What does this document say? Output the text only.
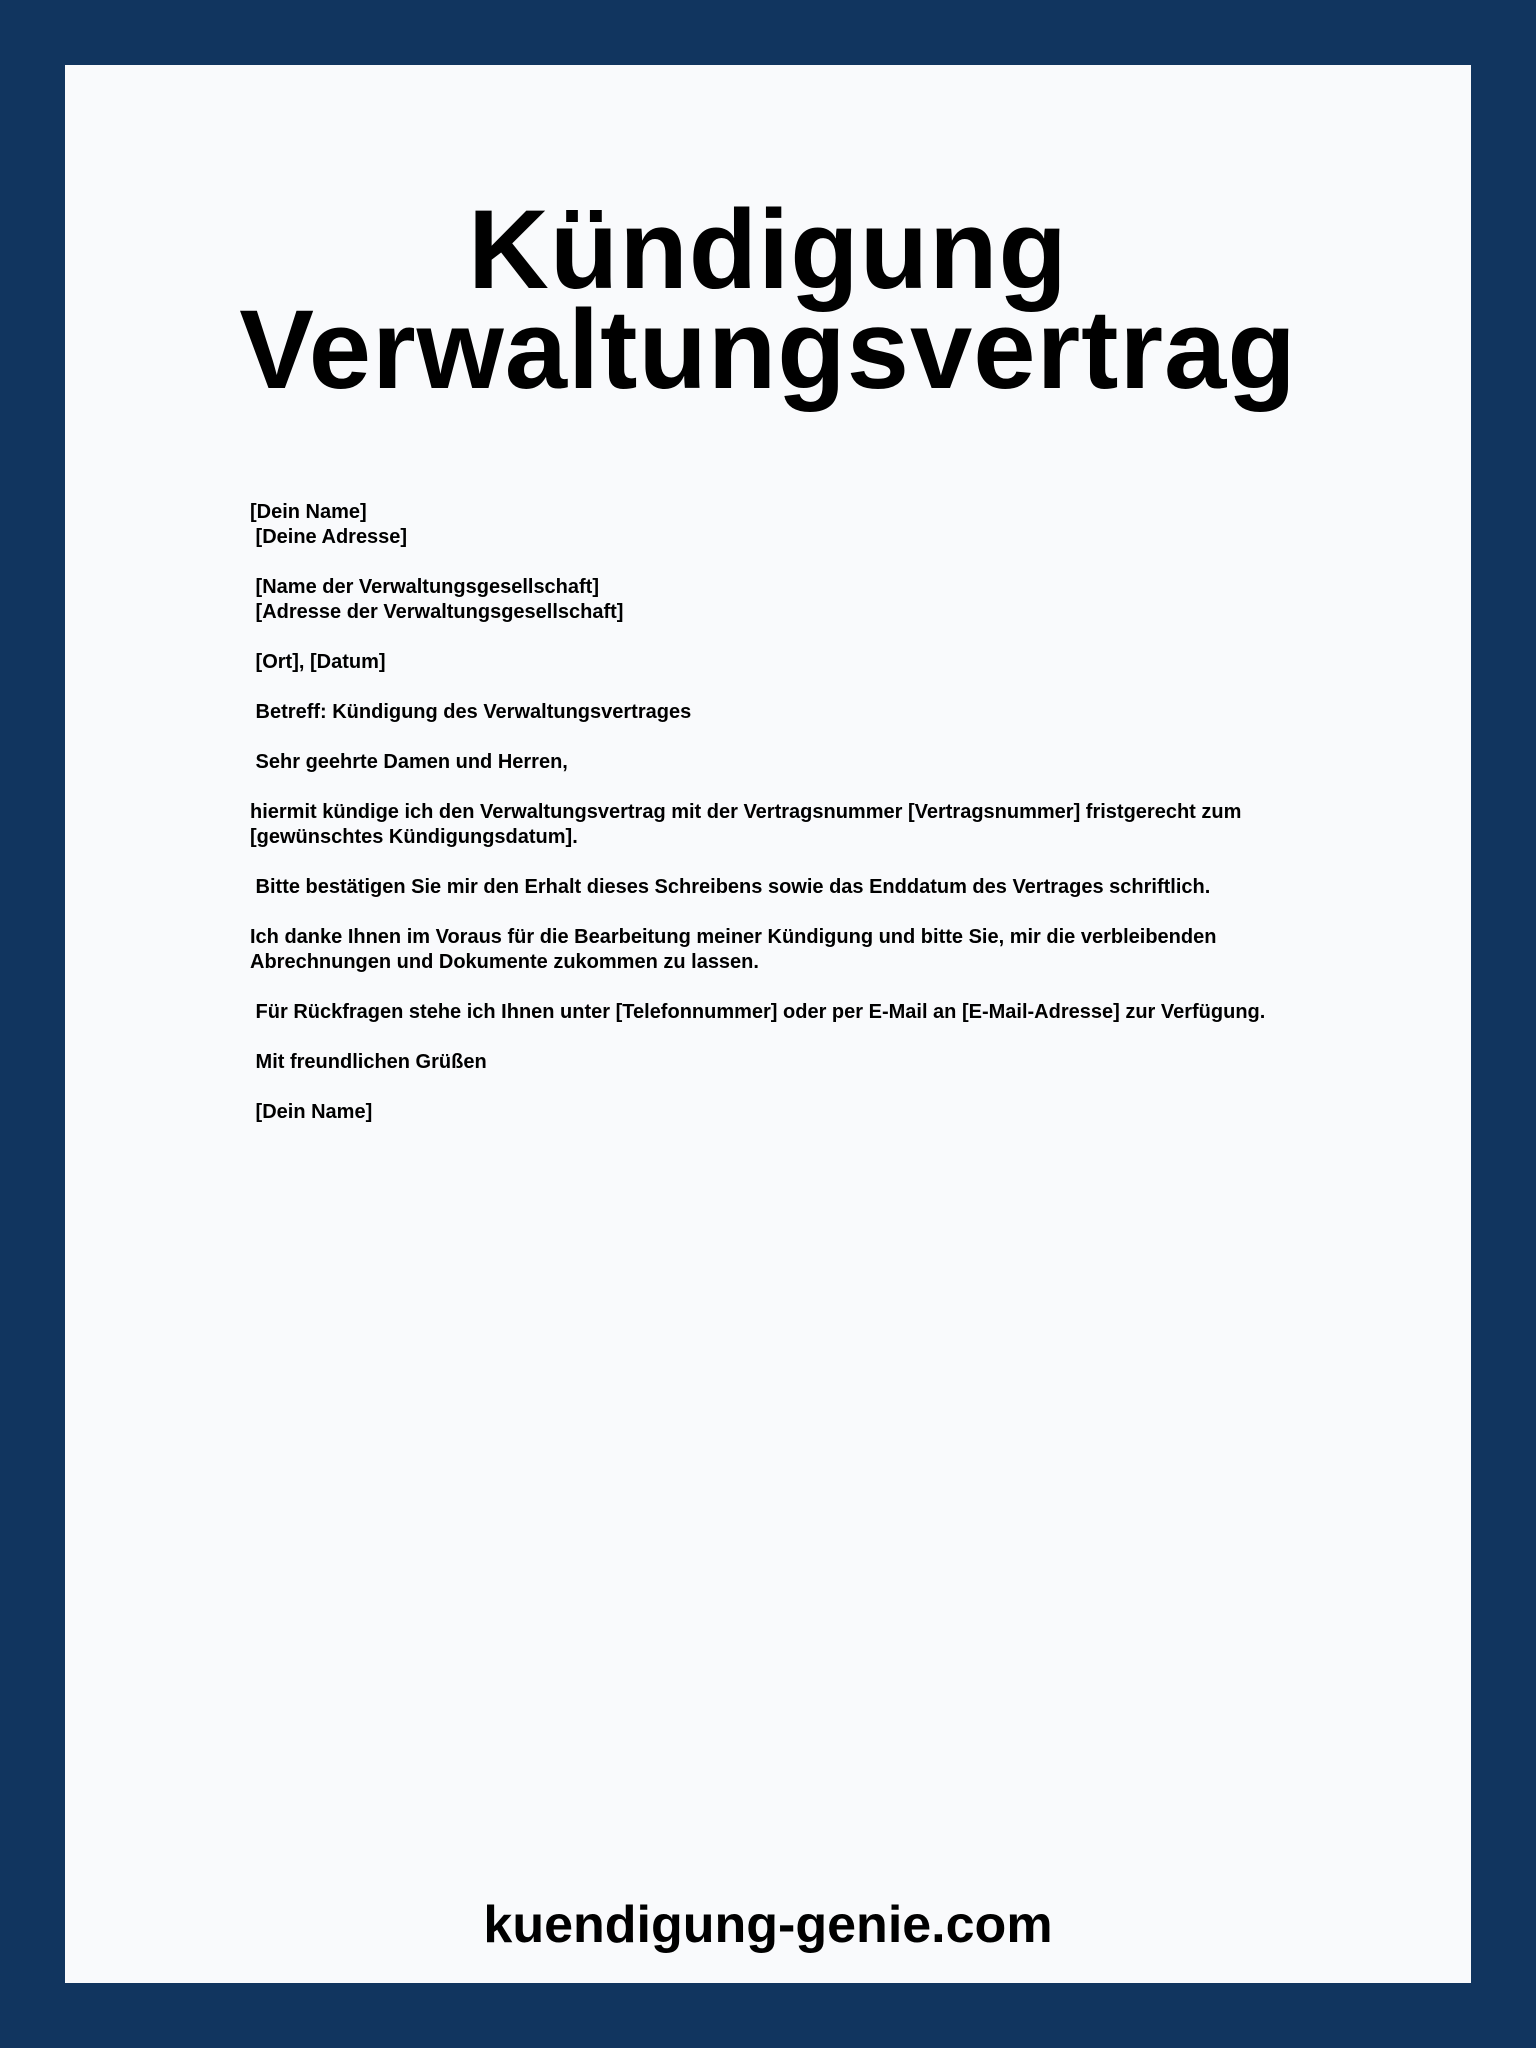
Kündigung
Verwaltungsvertrag
[Dein Name]
[Deine Adresse]
[Name der Verwaltungsgesellschaft]
[Adresse der Verwaltungsgesellschaft]
[Ort], [Datum]
Betreff: Kündigung des Verwaltungsvertrages
Sehr geehrte Damen und Herren,
hiermit kündige ich den Verwaltungsvertrag mit der Vertragsnummer [Vertragsnummer] fristgerecht zum
[gewünschtes Kündigungsdatum].
Bitte bestätigen Sie mir den Erhalt dieses Schreibens sowie das Enddatum des Vertrages schriftlich.
Ich danke Ihnen im Voraus für die Bearbeitung meiner Kündigung und bitte Sie, mir die verbleibenden
Abrechnungen und Dokumente zukommen zu lassen.
Für Rückfragen stehe ich Ihnen unter [Telefonnummer] oder per E-Mail an [E-Mail-Adresse] zur Verfügung.
Mit freundlichen Grüßen
[Dein Name]
kuendigung-genie.com
